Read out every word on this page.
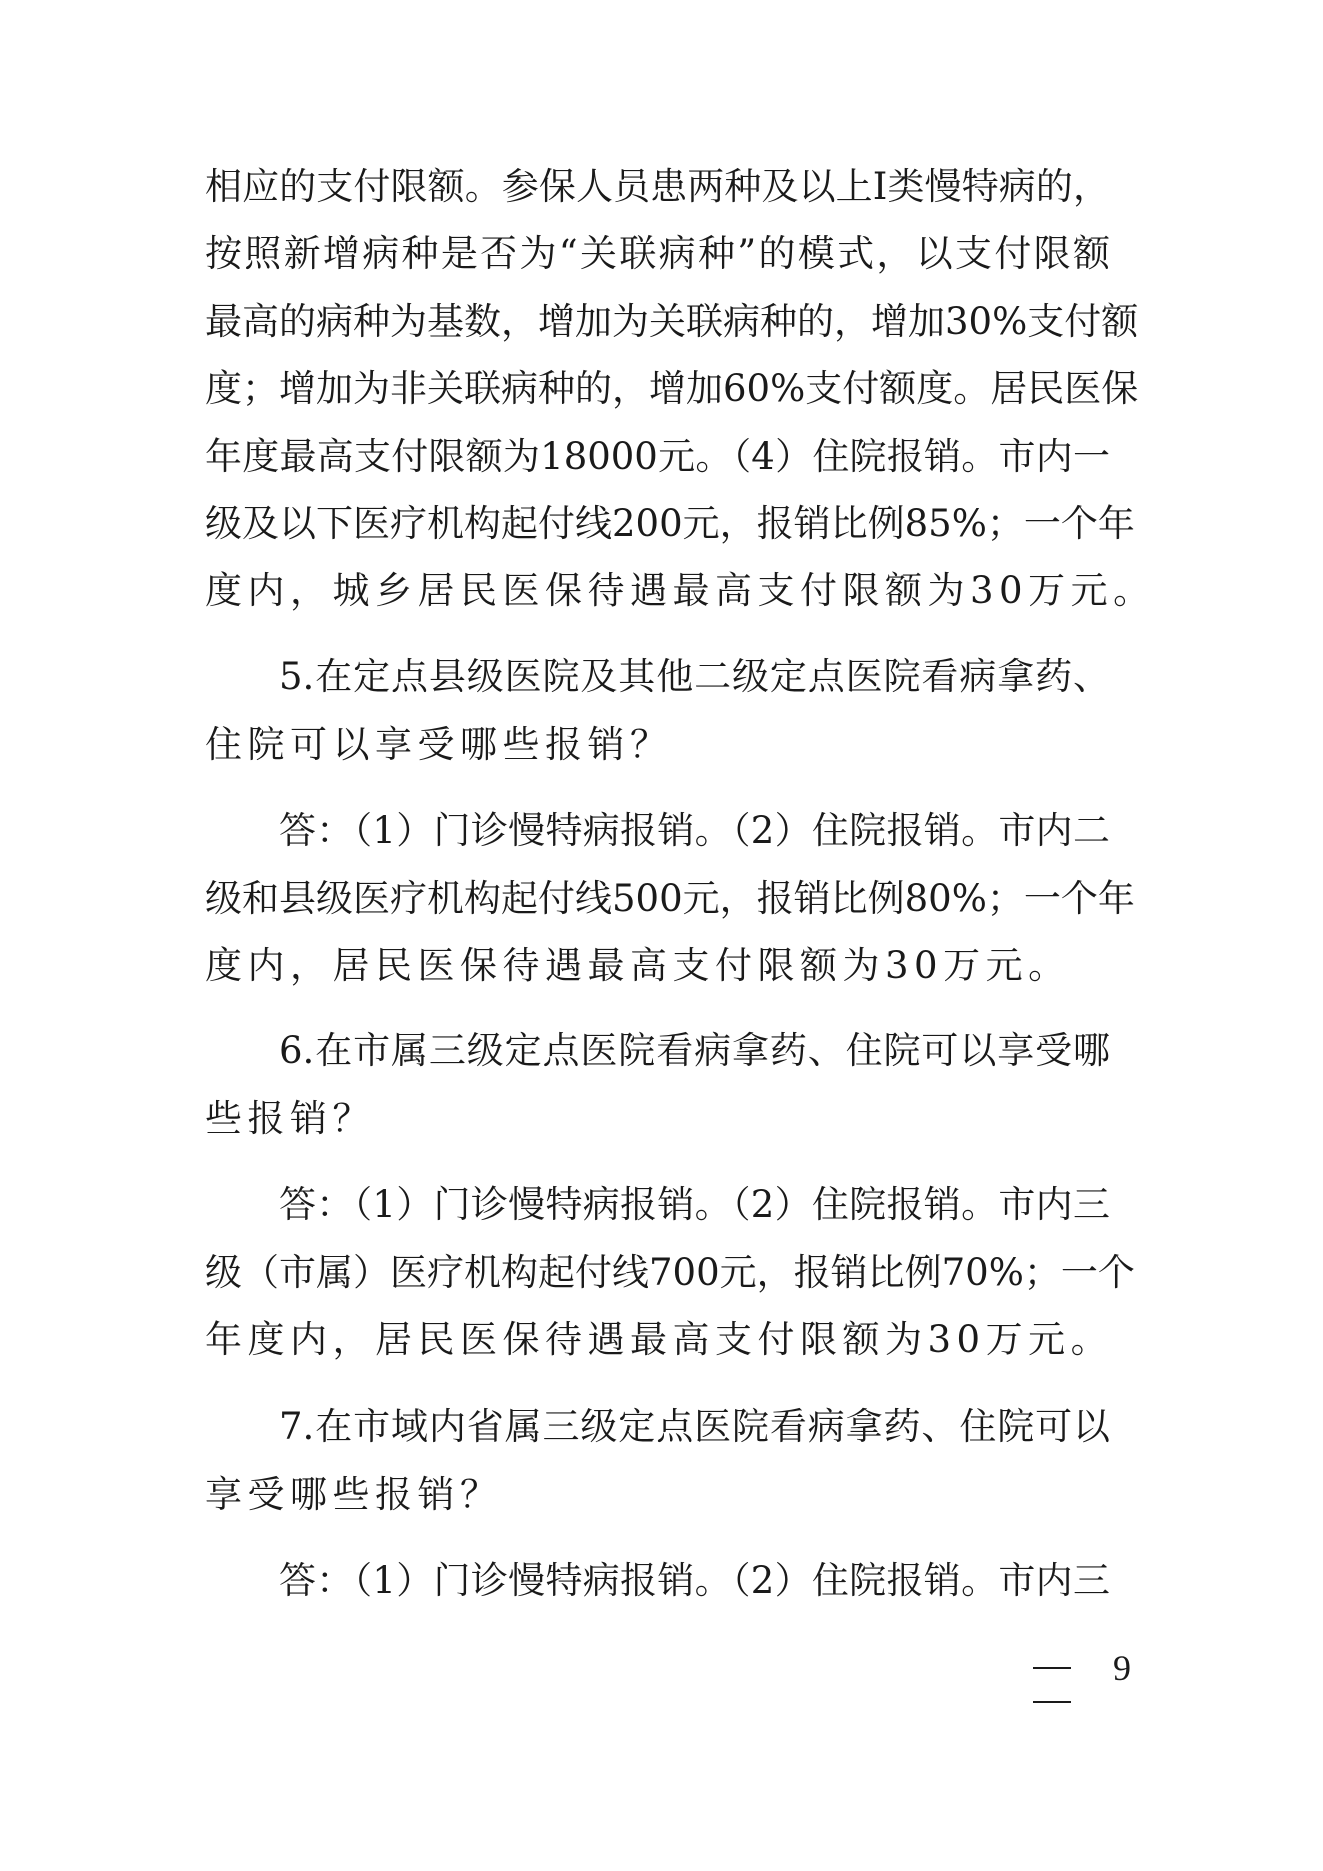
相应的支付限额。参保人员患两种及以上Ⅰ类慢特病的，
按照新增病种是否为“关联病种”的模式，以支付限额
最高的病种为基数，增加为关联病种的，增加30%支付额
度；增加为非关联病种的，增加60%支付额度。居民医保
年度最高支付限额为18000元。（4）住院报销。市内一
级及以下医疗机构起付线200元，报销比例85%；一个年
度内，城乡居民医保待遇最高支付限额为30万元。
5.在定点县级医院及其他二级定点医院看病拿药、
住院可以享受哪些报销？
答：（1）门诊慢特病报销。（2）住院报销。市内二
级和县级医疗机构起付线500元，报销比例80%；一个年
度内，居民医保待遇最高支付限额为30万元。
6.在市属三级定点医院看病拿药、住院可以享受哪
些报销？
答：（1）门诊慢特病报销。（2）住院报销。市内三
级（市属）医疗机构起付线700元，报销比例70%；一个
年度内，居民医保待遇最高支付限额为30万元。
7.在市域内省属三级定点医院看病拿药、住院可以
享受哪些报销？
答：（1）门诊慢特病报销。（2）住院报销。市内三
9
